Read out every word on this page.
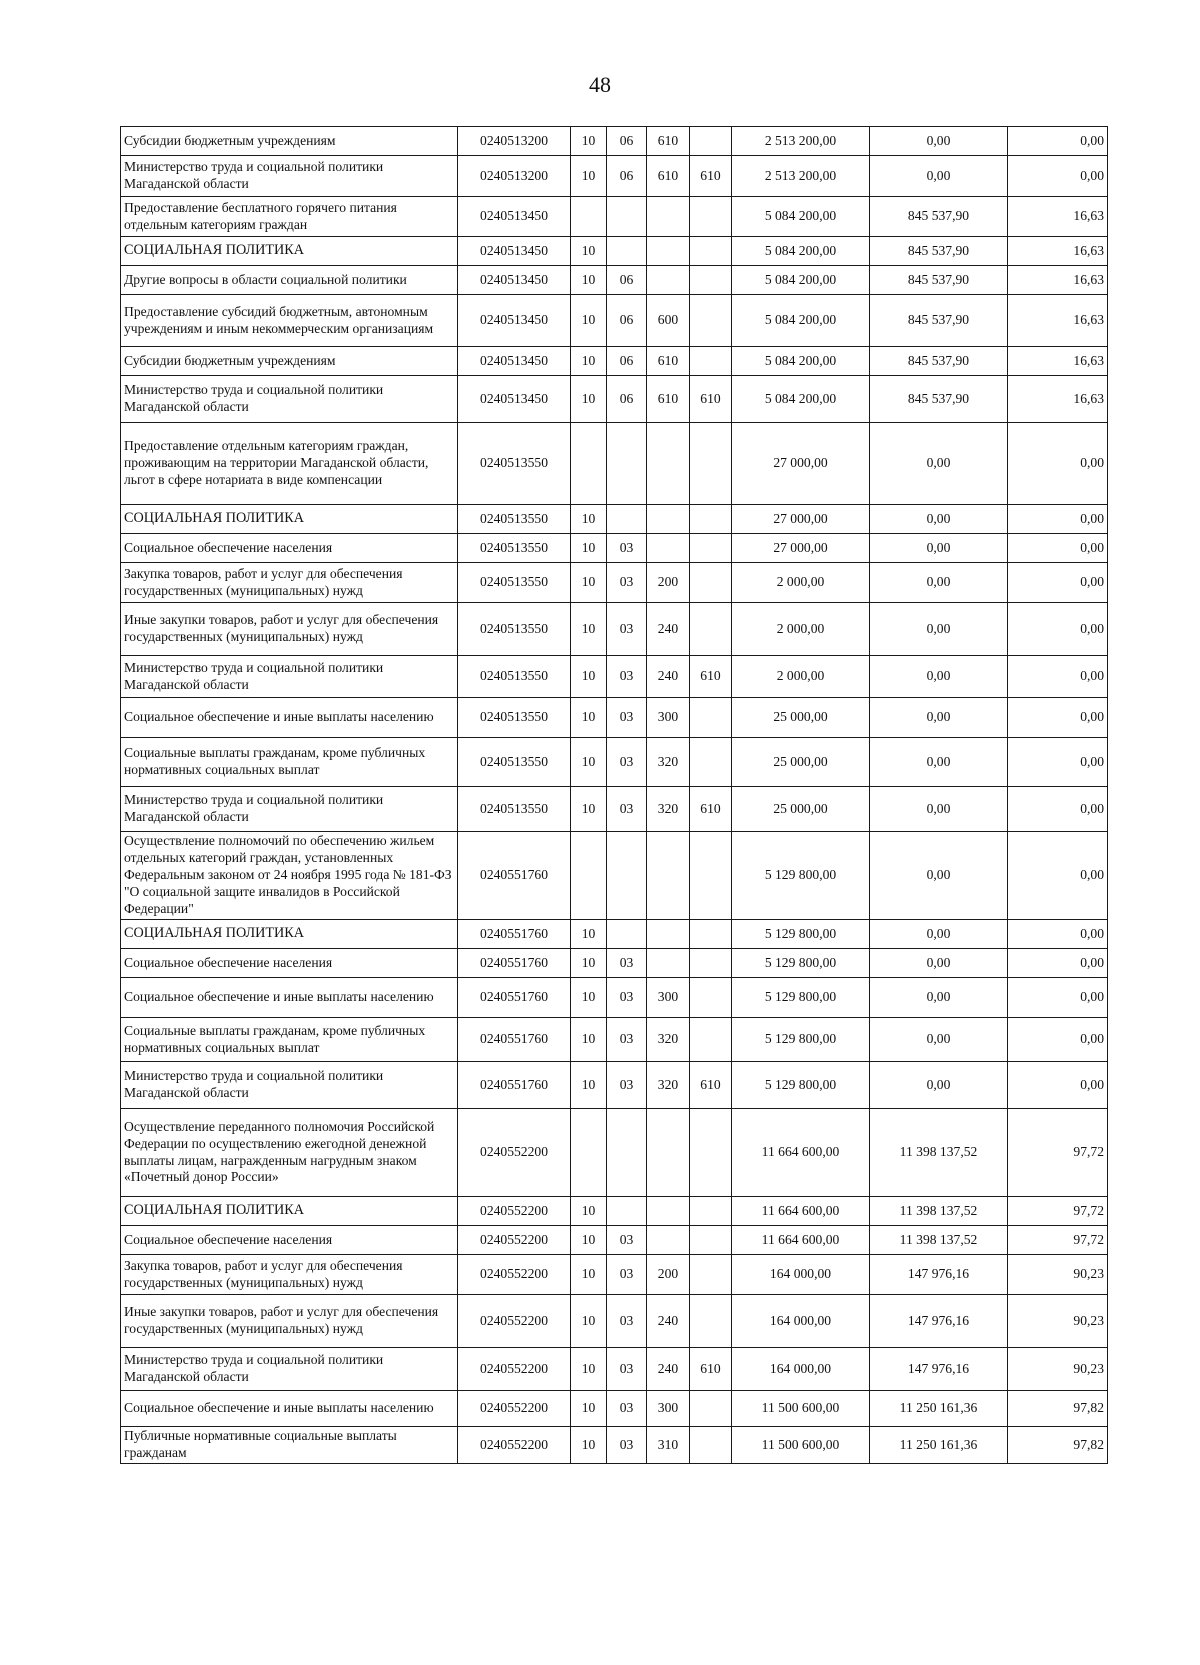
48
Субсидии бюджетным учреждениям	0240513200	10	06	610		2 513 200,00	0,00	0,00
Министерство труда и социальной политики Магаданской области	0240513200	10	06	610	610	2 513 200,00	0,00	0,00
Предоставление бесплатного горячего питания отдельным категориям граждан	0240513450					5 084 200,00	845 537,90	16,63
СОЦИАЛЬНАЯ ПОЛИТИКА	0240513450	10				5 084 200,00	845 537,90	16,63
Другие вопросы в области социальной политики	0240513450	10	06			5 084 200,00	845 537,90	16,63
Предоставление субсидий бюджетным, автономным учреждениям и иным некоммерческим организациям	0240513450	10	06	600		5 084 200,00	845 537,90	16,63
Субсидии бюджетным учреждениям	0240513450	10	06	610		5 084 200,00	845 537,90	16,63
Министерство труда и социальной политики Магаданской области	0240513450	10	06	610	610	5 084 200,00	845 537,90	16,63
Предоставление отдельным категориям граждан, проживающим на территории Магаданской области, льгот в сфере нотариата в виде компенсации	0240513550					27 000,00	0,00	0,00
СОЦИАЛЬНАЯ ПОЛИТИКА	0240513550	10				27 000,00	0,00	0,00
Социальное обеспечение населения	0240513550	10	03			27 000,00	0,00	0,00
Закупка товаров, работ и услуг для обеспечения государственных (муниципальных) нужд	0240513550	10	03	200		2 000,00	0,00	0,00
Иные закупки товаров, работ и услуг для обеспечения государственных (муниципальных) нужд	0240513550	10	03	240		2 000,00	0,00	0,00
Министерство труда и социальной политики Магаданской области	0240513550	10	03	240	610	2 000,00	0,00	0,00
Социальное обеспечение и иные выплаты населению	0240513550	10	03	300		25 000,00	0,00	0,00
Социальные выплаты гражданам, кроме публичных нормативных социальных выплат	0240513550	10	03	320		25 000,00	0,00	0,00
Министерство труда и социальной политики Магаданской области	0240513550	10	03	320	610	25 000,00	0,00	0,00
Осуществление полномочий по обеспечению жильем отдельных категорий граждан, установленных Федеральным законом от 24 ноября 1995 года № 181-ФЗ "О социальной защите инвалидов в Российской Федерации"	0240551760					5 129 800,00	0,00	0,00
СОЦИАЛЬНАЯ ПОЛИТИКА	0240551760	10				5 129 800,00	0,00	0,00
Социальное обеспечение населения	0240551760	10	03			5 129 800,00	0,00	0,00
Социальное обеспечение и иные выплаты населению	0240551760	10	03	300		5 129 800,00	0,00	0,00
Социальные выплаты гражданам, кроме публичных нормативных социальных выплат	0240551760	10	03	320		5 129 800,00	0,00	0,00
Министерство труда и социальной политики Магаданской области	0240551760	10	03	320	610	5 129 800,00	0,00	0,00
Осуществление переданного полномочия Российской Федерации по осуществлению ежегодной денежной выплаты лицам, награжденным нагрудным знаком «Почетный донор России»	0240552200					11 664 600,00	11 398 137,52	97,72
СОЦИАЛЬНАЯ ПОЛИТИКА	0240552200	10				11 664 600,00	11 398 137,52	97,72
Социальное обеспечение населения	0240552200	10	03			11 664 600,00	11 398 137,52	97,72
Закупка товаров, работ и услуг для обеспечения государственных (муниципальных) нужд	0240552200	10	03	200		164 000,00	147 976,16	90,23
Иные закупки товаров, работ и услуг для обеспечения государственных (муниципальных) нужд	0240552200	10	03	240		164 000,00	147 976,16	90,23
Министерство труда и социальной политики Магаданской области	0240552200	10	03	240	610	164 000,00	147 976,16	90,23
Социальное обеспечение и иные выплаты населению	0240552200	10	03	300		11 500 600,00	11 250 161,36	97,82
Публичные нормативные социальные выплаты гражданам	0240552200	10	03	310		11 500 600,00	11 250 161,36	97,82
